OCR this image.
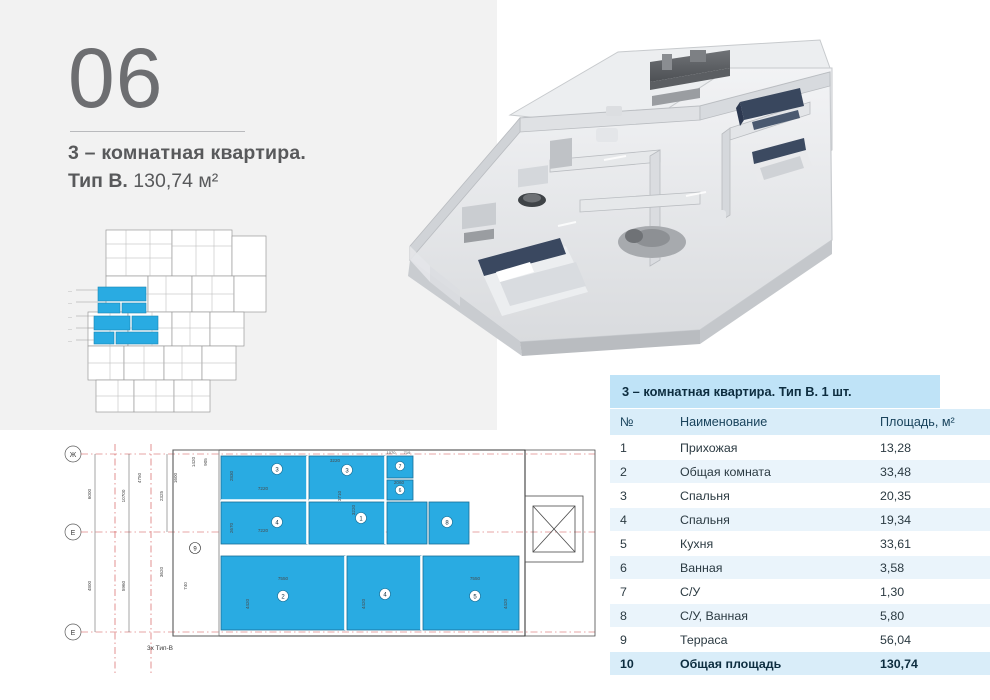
06
3 – комнатная квартира.
Тип B. 130,74 м²
—
—
—
—
—
Ж
Е
Е
6000
4800
10700
5960
4750
2325
3620
1600
740
1420 905
9
3
4
3
1
7
6
8
2	4	5
2830
7220
2670	7220
3710
3220
3220
2060
1070 719
7550
4420	4420
7550
4420
3x Тип-B
3 – комнатная квартира. Тип B. 1 шт.
№	Наименование	Площадь, м²
1	Прихожая	13,28
2	Общая комната	33,48
3	Спальня	20,35
4	Спальня	19,34
5	Кухня	33,61
6	Ванная	3,58
7	С/У	1,30
8	С/У, Ванная	5,80
9	Терраса	56,04
10	Общая площадь	130,74
